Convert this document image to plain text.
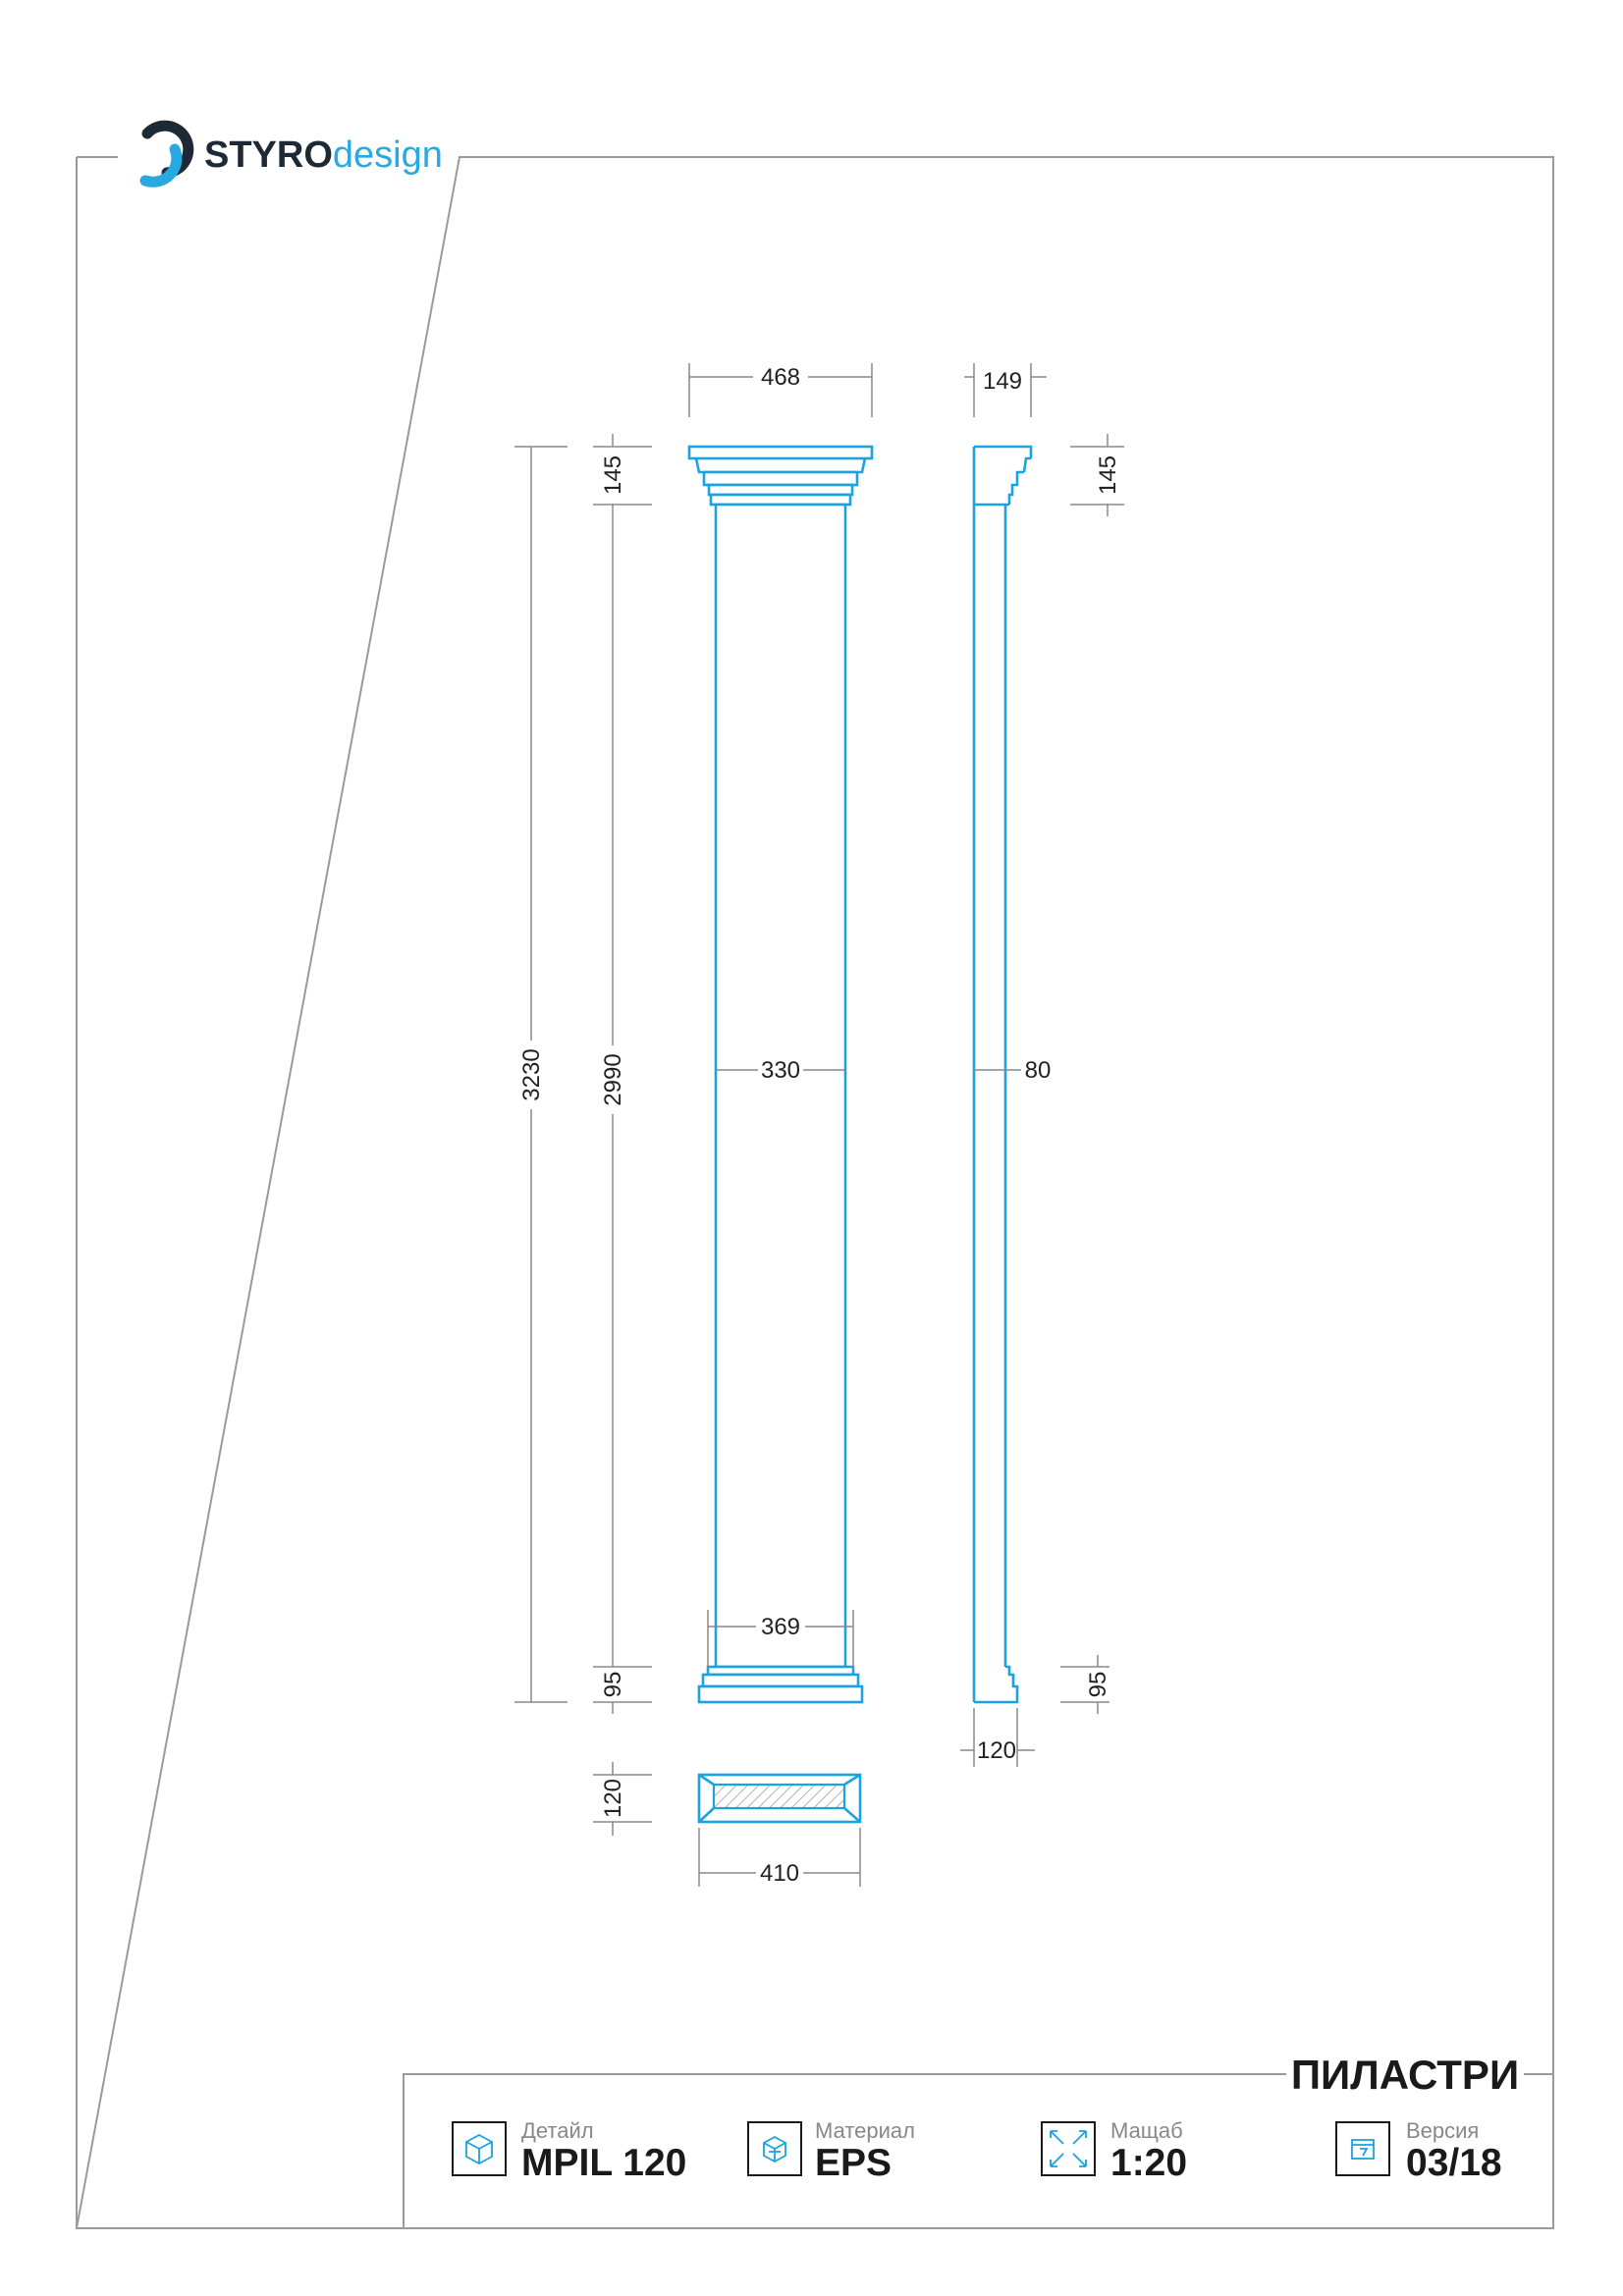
STYROdesign
468	149
3230 2990
145	145
330	80
369
95	95
120
120
410
ПИЛАСТРИ
Детайл
MPIL 120
Материал
EPS
Мащаб
1:20
Версия
03/18
